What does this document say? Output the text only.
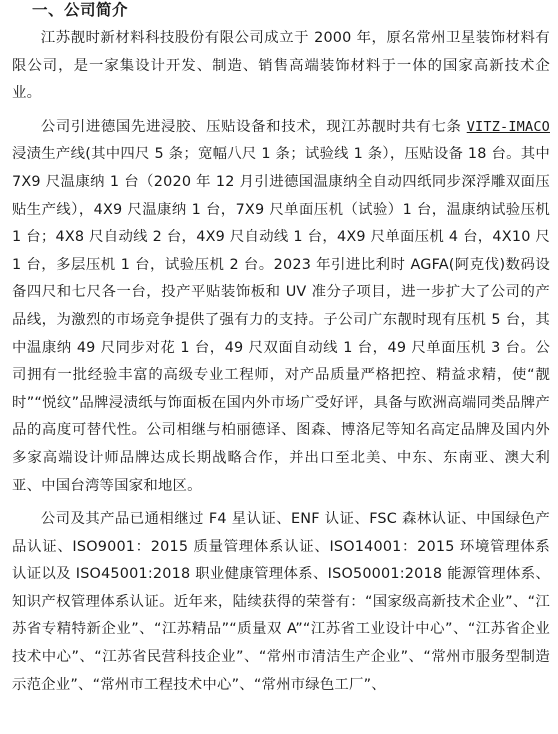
一、公司简介

江苏靓时新材料科技股份有限公司成立于 2000 年，原名常州卫星装饰材料有限公司，是一家集设计开发、制造、销售高端装饰材料于一体的国家高新技术企业。

公司引进德国先进浸胶、压贴设备和技术，现江苏靓时共有七条 VITZ-IMACO 浸渍生产线(其中四尺 5 条；宽幅八尺 1 条；试验线 1 条），压贴设备 18 台。其中 7X9 尺温康纳 1 台（2020 年 12 月引进德国温康纳全自动四纸同步深浮雕双面压贴生产线），4X9 尺温康纳 1 台，7X9 尺单面压机（试验）1 台，温康纳试验压机 1 台；4X8 尺自动线 2 台，4X9 尺自动线 1 台，4X9 尺单面压机 4 台，4X10 尺 1 台，多层压机 1 台，试验压机 2 台。2023 年引进比利时 AGFA(阿克伐)数码设备四尺和七尺各一台，投产平贴装饰板和 UV 准分子项目，进一步扩大了公司的产品线，为激烈的市场竞争提供了强有力的支持。子公司广东靓时现有压机 5 台，其中温康纳 49 尺同步对花 1 台，49 尺双面自动线 1 台，49 尺单面压机 3 台。公司拥有一批经验丰富的高级专业工程师，对产品质量严格把控、精益求精，使“靓时”“悦纹”品牌浸渍纸与饰面板在国内外市场广受好评，具备与欧洲高端同类品牌产品的高度可替代性。公司相继与柏丽德译、图森、博洛尼等知名高定品牌及国内外多家高端设计师品牌达成长期战略合作，并出口至北美、中东、东南亚、澳大利亚、中国台湾等国家和地区。

公司及其产品已通相继过 F4 星认证、ENF 认证、FSC 森林认证、中国绿色产品认证、ISO9001：2015 质量管理体系认证、ISO14001：2015 环境管理体系认证以及 ISO45001:2018 职业健康管理体系、ISO50001:2018 能源管理体系、知识产权管理体系认证。近年来，陆续获得的荣誉有：“国家级高新技术企业”、“江苏省专精特新企业”、“江苏精品”“质量双 A”“江苏省工业设计中心”、“江苏省企业技术中心”、“江苏省民营科技企业”、“常州市清洁生产企业”、“常州市服务型制造示范企业”、“常州市工程技术中心”、“常州市绿色工厂”、
